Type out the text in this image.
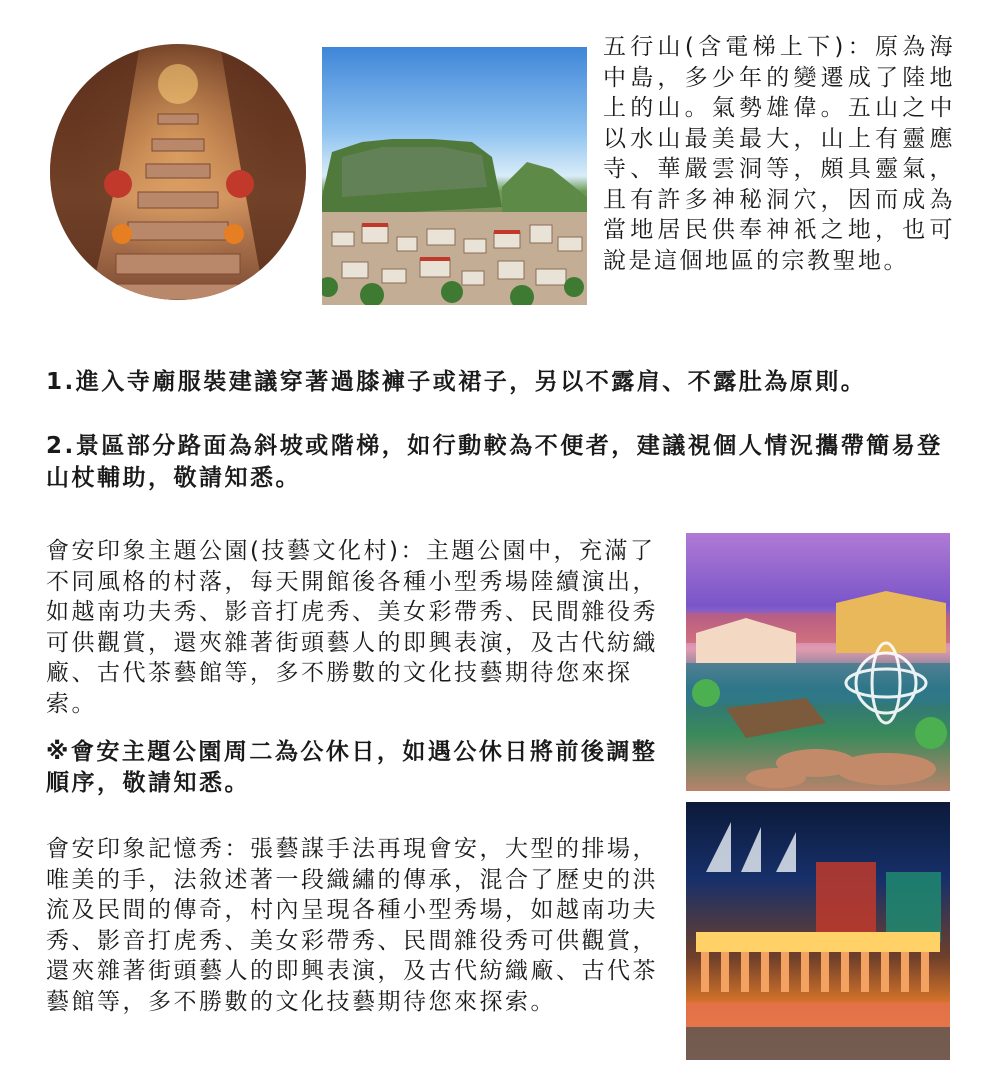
五行山(含電梯上下)：原為海中島，多少年的變遷成了陸地上的山。氣勢雄偉。五山之中以水山最美最大，山上有靈應寺、華嚴雲洞等，頗具靈氣，且有許多神秘洞穴，因而成為當地居民供奉神祇之地，也可說是這個地區的宗教聖地。
1.進入寺廟服裝建議穿著過膝褲子或裙子，另以不露肩、不露肚為原則。
2.景區部分路面為斜坡或階梯，如行動較為不便者，建議視個人情況攜帶簡易登山杖輔助，敬請知悉。
會安印象主題公園(技藝文化村)：主題公園中，充滿了不同風格的村落，每天開館後各種小型秀場陸續演出，如越南功夫秀、影音打虎秀、美女彩帶秀、民間雜役秀可供觀賞，還夾雜著街頭藝人的即興表演，及古代紡織廠、古代茶藝館等，多不勝數的文化技藝期待您來探索。
※會安主題公園周二為公休日，如遇公休日將前後調整順序，敬請知悉。
會安印象記憶秀：張藝謀手法再現會安，大型的排場，唯美的手，法敘述著一段織繡的傳承，混合了歷史的洪流及民間的傳奇，村內呈現各種小型秀場，如越南功夫秀、影音打虎秀、美女彩帶秀、民間雜役秀可供觀賞，還夾雜著街頭藝人的即興表演，及古代紡織廠、古代茶藝館等，多不勝數的文化技藝期待您來探索。
